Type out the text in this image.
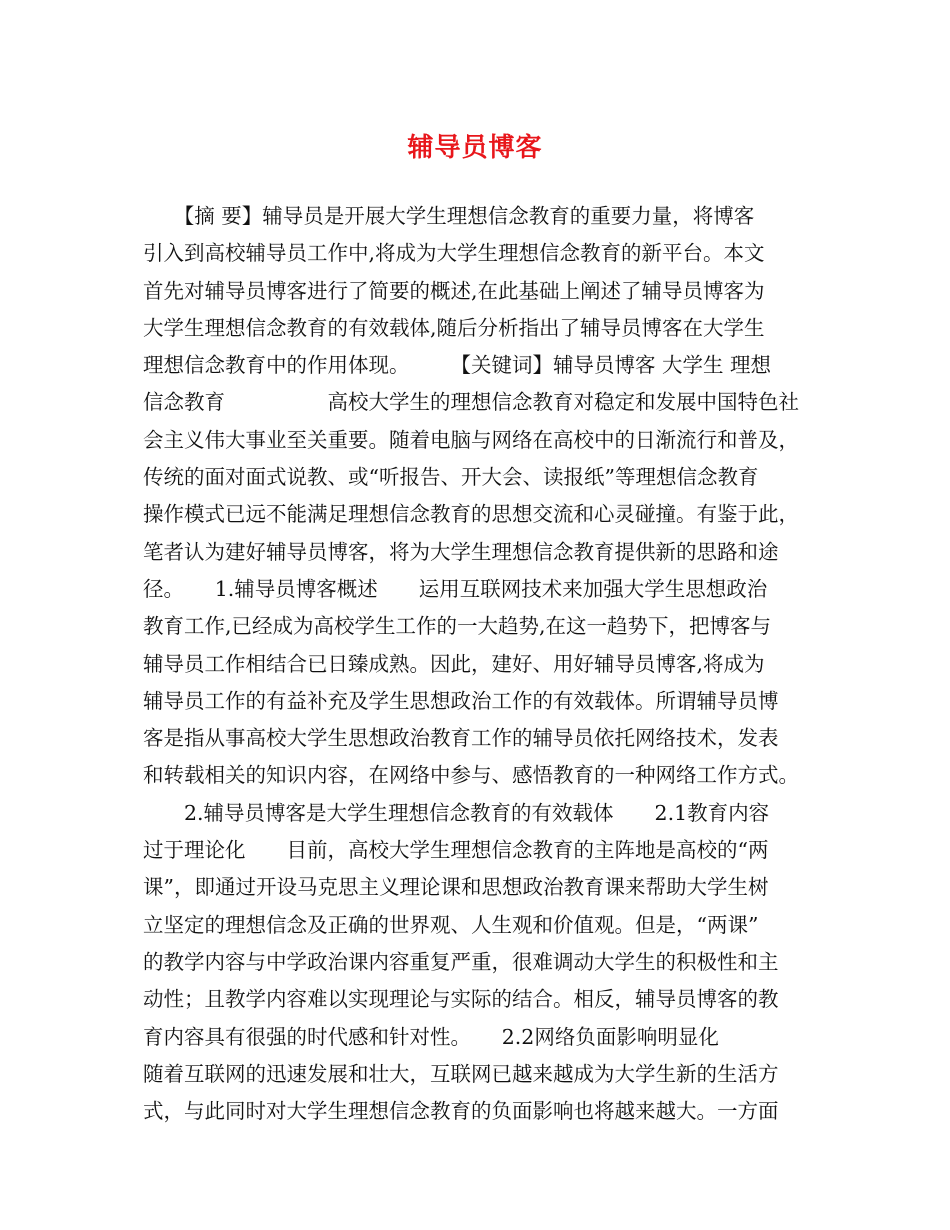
辅导员博客
　　【摘 要】辅导员是开展大学生理想信念教育的重要力量，将博客
引入到高校辅导员工作中,将成为大学生理想信念教育的新平台。本文
首先对辅导员博客进行了简要的概述,在此基础上阐述了辅导员博客为
大学生理想信念教育的有效载体,随后分析指出了辅导员博客在大学生
理想信念教育中的作用体现。　　　【关键词】辅导员博客 大学生 理想
信念教育　　　　　高校大学生的理想信念教育对稳定和发展中国特色社
会主义伟大事业至关重要。随着电脑与网络在高校中的日渐流行和普及，
传统的面对面式说教、或“听报告、开大会、读报纸”等理想信念教育
操作模式已远不能满足理想信念教育的思想交流和心灵碰撞。有鉴于此，
笔者认为建好辅导员博客，将为大学生理想信念教育提供新的思路和途
径。　　1.辅导员博客概述　　运用互联网技术来加强大学生思想政治
教育工作,已经成为高校学生工作的一大趋势,在这一趋势下，把博客与
辅导员工作相结合已日臻成熟。因此，建好、用好辅导员博客,将成为
辅导员工作的有益补充及学生思想政治工作的有效载体。所谓辅导员博
客是指从事高校大学生思想政治教育工作的辅导员依托网络技术，发表
和转载相关的知识内容，在网络中参与、感悟教育的一种网络工作方式。
　　2.辅导员博客是大学生理想信念教育的有效载体　　2.1教育内容
过于理论化　　目前，高校大学生理想信念教育的主阵地是高校的“两
课”，即通过开设马克思主义理论课和思想政治教育课来帮助大学生树
立坚定的理想信念及正确的世界观、人生观和价值观。但是，“两课”
的教学内容与中学政治课内容重复严重，很难调动大学生的积极性和主
动性；且教学内容难以实现理论与实际的结合。相反，辅导员博客的教
育内容具有很强的时代感和针对性。　　2.2网络负面影响明显化
随着互联网的迅速发展和壮大，互联网已越来越成为大学生新的生活方
式，与此同时对大学生理想信念教育的负面影响也将越来越大。一方面
